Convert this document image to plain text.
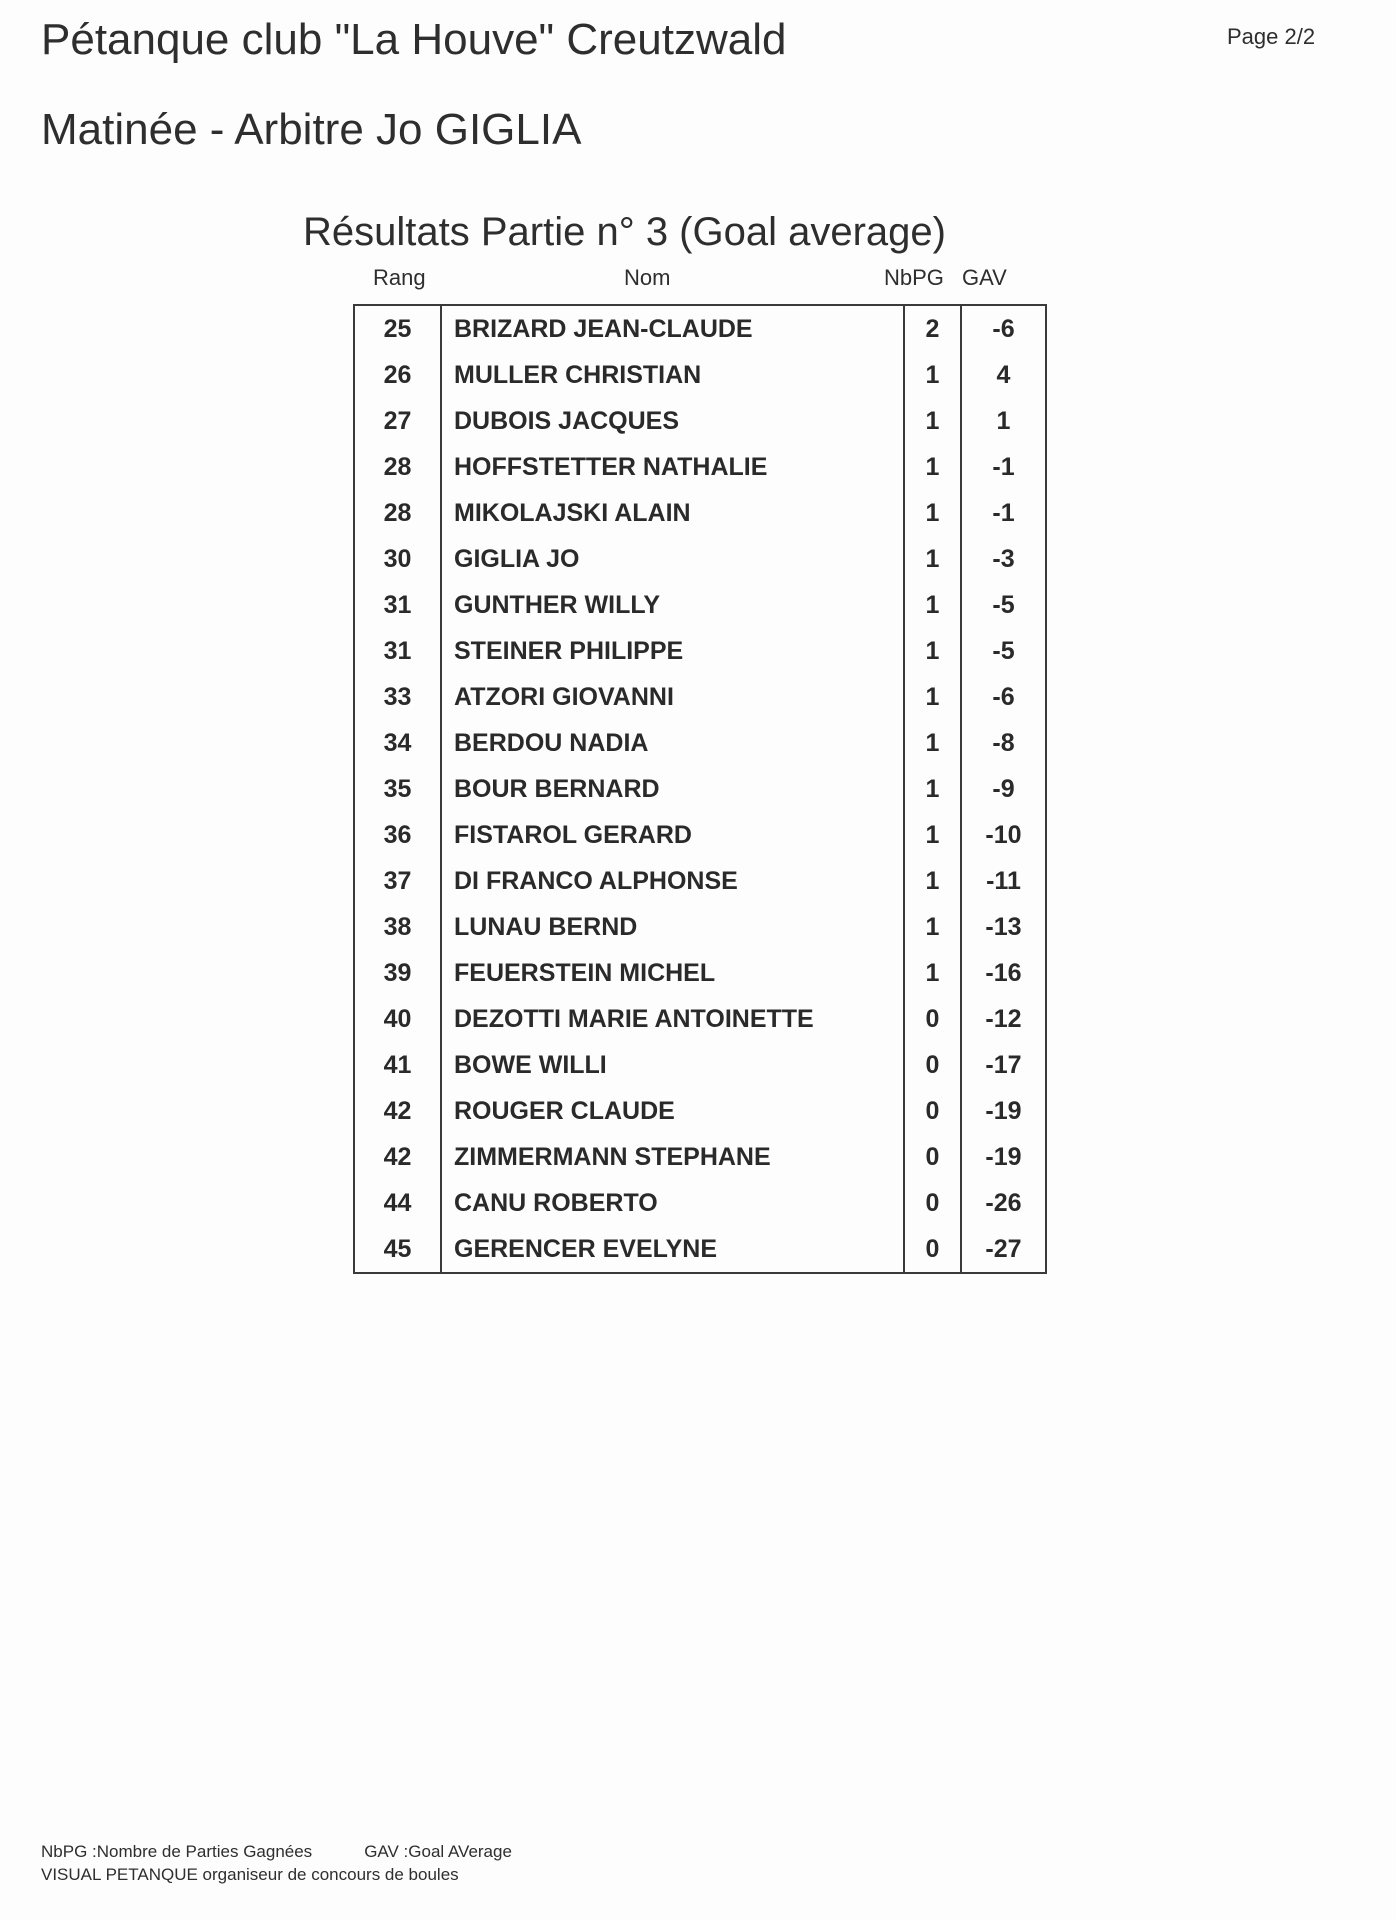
Pétanque club "La Houve" Creutzwald	Page 2/2
Matinée - Arbitre Jo GIGLIA
Résultats Partie n° 3 (Goal average)
Rang	Nom	NbPG GAV
25	BRIZARD JEAN-CLAUDE	2	-6
26	MULLER CHRISTIAN	1	4
27	DUBOIS JACQUES	1	1
28	HOFFSTETTER NATHALIE	1	-1
28	MIKOLAJSKI ALAIN	1	-1
30	GIGLIA JO	1	-3
31	GUNTHER WILLY	1	-5
31	STEINER PHILIPPE	1	-5
33	ATZORI GIOVANNI	1	-6
34	BERDOU NADIA	1	-8
35	BOUR BERNARD	1	-9
36	FISTAROL GERARD	1	-10
37	DI FRANCO ALPHONSE	1	-11
38	LUNAU BERND	1	-13
39	FEUERSTEIN MICHEL	1	-16
40	DEZOTTI MARIE ANTOINETTE	0	-12
41	BOWE WILLI	0	-17
42	ROUGER CLAUDE	0	-19
42	ZIMMERMANN STEPHANE	0	-19
44	CANU ROBERTO	0	-26
45	GERENCER EVELYNE	0	-27
NbPG :Nombre de Parties Gagnées	GAV :Goal AVerage
VISUAL PETANQUE organiseur de concours de boules
